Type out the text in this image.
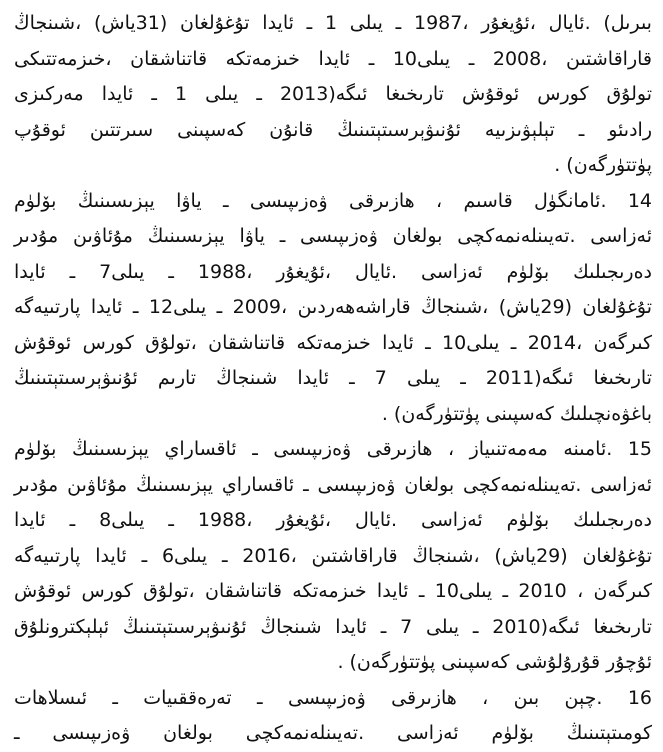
بىرىل) .ئايال ،ئۇيغۇر ،1987 ـ يىلى 1 ـ ئايدا تۇغۇلغان (31ياش) ،شىنجاڭ
قاراقاشتىن ،2008 ـ يىلى10 ـ ئايدا خىزمەتكە قاتناشقان ،خىزمەتتىكى
تولۇق كورس ئوقۇش تارىخىغا ئىگە(2013 ـ يىلى 1 ـ ئايدا مەركىزى
رادىئو ـ تېلېۋىزىيە ئۇنىۋېرسىتېتىنىڭ قانۇن كەسپىنى سىرتتىن ئوقۇپ
پۈتتۈرگەن) .
14 .ئامانگۈل قاسىم ، ھازىرقى ۋەزىپىسى ـ ياۋا يېزىسىنىڭ بۆلۈم
ئەزاسى .تەيىنلەنمەكچى بولغان ۋەزىپىسى ـ ياۋا يېزىسىنىڭ مۇئاۋىن مۇدىر
دەرىجىلىك بۆلۈم ئەزاسى .ئايال ،ئۇيغۇر ،1988 ـ يىلى7 ـ ئايدا
تۇغۇلغان (29ياش) ،شىنجاڭ قاراشەھەردىن ،2009 ـ يىلى12 ـ ئايدا پارتىيەگە
كىرگەن ،2014 ـ يىلى10 ـ ئايدا خىزمەتكە قاتناشقان ،تولۇق كورس ئوقۇش
تارىخىغا ئىگە(2011 ـ يىلى 7 ـ ئايدا شىنجاڭ تارىم ئۇنىۋېرسىتېتىنىڭ
باغۋەنچىلىك كەسپىنى پۈتتۈرگەن) .
15 .ئامىنە مەمەتنىياز ، ھازىرقى ۋەزىپىسى ـ ئاقساراي يېزىسىنىڭ بۆلۈم
ئەزاسى .تەيىنلەنمەكچى بولغان ۋەزىپىسى ـ ئاقساراي يېزىسىنىڭ مۇئاۋىن مۇدىر
دەرىجىلىك بۆلۈم ئەزاسى .ئايال ،ئۇيغۇر ،1988 ـ يىلى8 ـ ئايدا
تۇغۇلغان (29ياش) ،شىنجاڭ قاراقاشتىن ،2016 ـ يىلى6 ـ ئايدا پارتىيەگە
كىرگەن ، 2010 ـ يىلى10 ـ ئايدا خىزمەتكە قاتناشقان ،تولۇق كورس ئوقۇش
تارىخىغا ئىگە(2010 ـ يىلى 7 ـ ئايدا شىنجاڭ ئۇنىۋېرسىتېتىنىڭ ئېلېكترونلۇق
ئۇچۇر قۇرۇلۇشى كەسپىنى پۈتتۈرگەن) .
16 .چېن بىن ، ھازىرقى ۋەزىپىسى ـ تەرەققىيات ـ ئىسلاھات
كومىتېتىنىڭ بۆلۈم ئەزاسى .تەيىنلەنمەكچى بولغان ۋەزىپىسى ـ
